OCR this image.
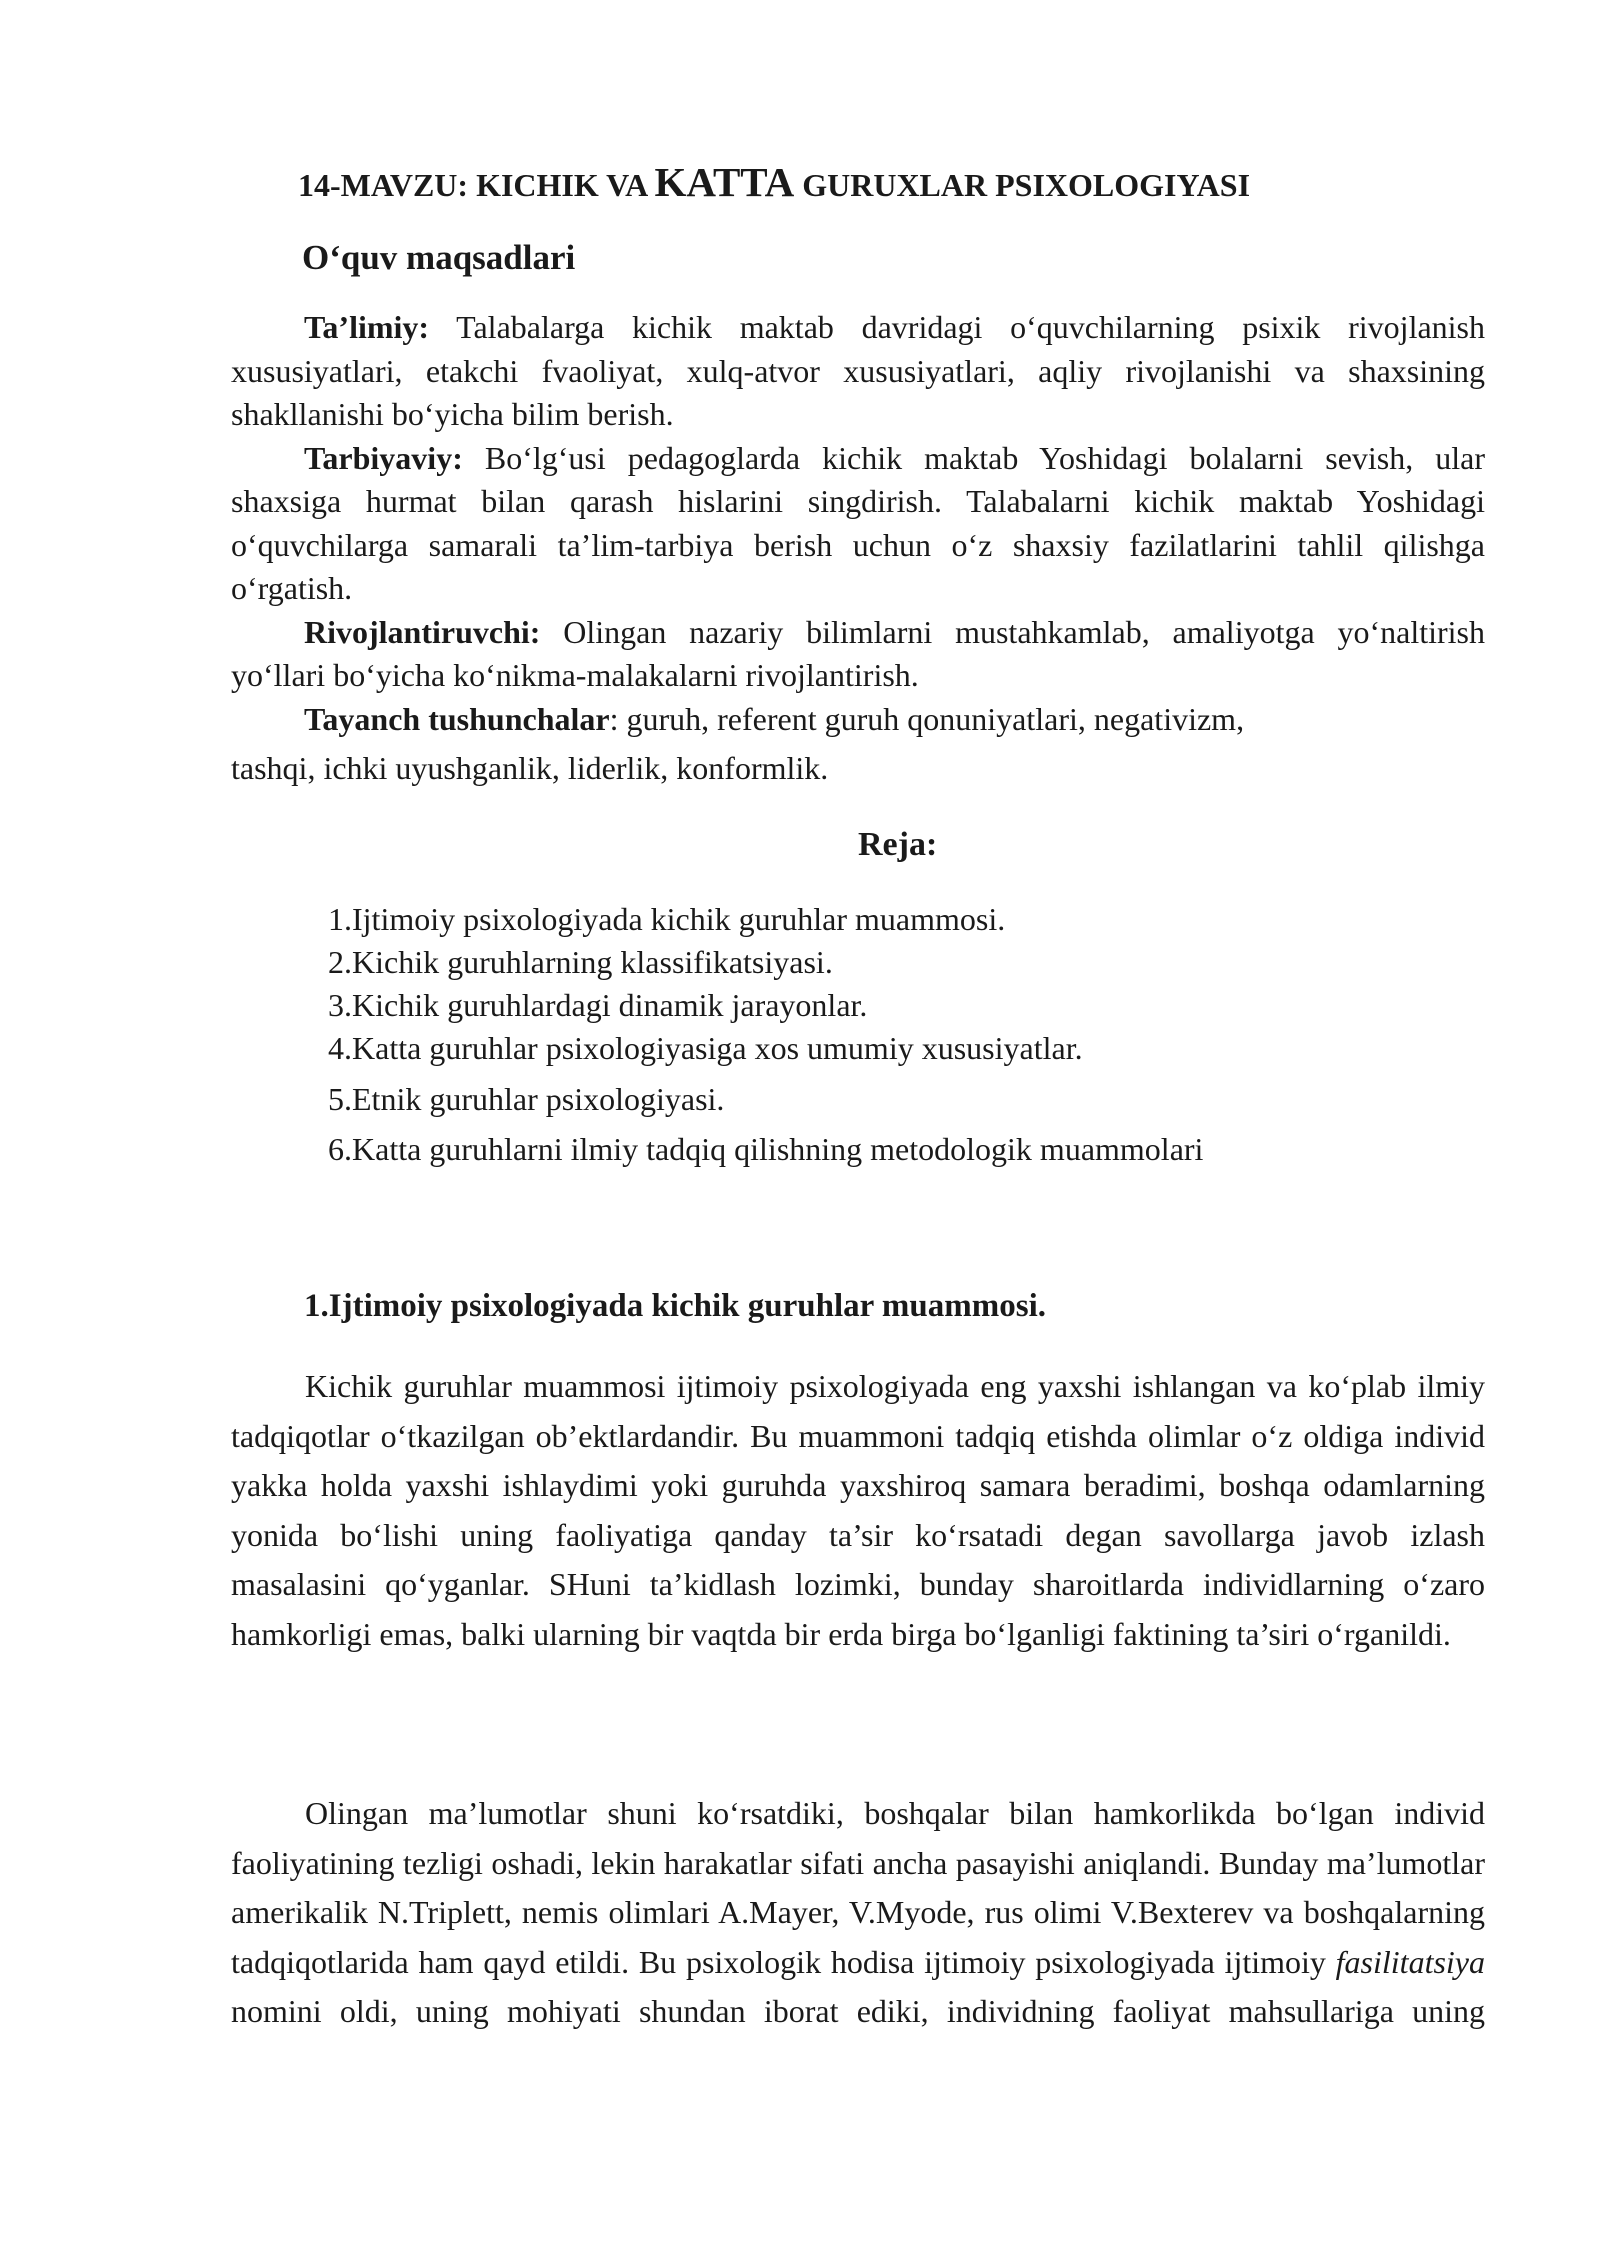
14-MAVZU: KICHIK VA KATTA GURUXLAR PSIXOLOGIYASI
O‘quv maqsadlari

Ta’limiy: Talabalarga kichik maktab davridagi o‘quvchilarning psixik rivojlanish xususiyatlari, etakchi fvaoliyat, xulq-atvor xususiyatlari, aqliy rivojlanishi va shaxsining shakllanishi bo‘yicha bilim berish.

Tarbiyaviy: Bo‘lg‘usi pedagoglarda kichik maktab Yoshidagi bolalarni sevish, ular shaxsiga hurmat bilan qarash hislarini singdirish. Talabalarni kichik maktab Yoshidagi o‘quvchilarga samarali ta’lim-tarbiya berish uchun o‘z shaxsiy fazilatlarini tahlil qilishga o‘rgatish.

Rivojlantiruvchi: Olingan nazariy bilimlarni mustahkamlab, amaliyotga yo‘naltirish yo‘llari bo‘yicha ko‘nikma-malakalarni rivojlantirish.

Tayanch tushunchalar: guruh, referent guruh qonuniyatlari, negativizm,

tashqi, ichki uyushganlik, liderlik, konformlik.

Reja:
1.Ijtimoiy psixologiyada kichik guruhlar muammosi.
2.Kichik guruhlarning klassifikatsiyasi.
3.Kichik guruhlardagi dinamik jarayonlar.
4.Katta guruhlar psixologiyasiga xos umumiy xususiyatlar.
5.Etnik guruhlar psixologiyasi.
6.Katta guruhlarni ilmiy tadqiq qilishning metodologik muammolari
1.Ijtimoiy psixologiyada kichik guruhlar muammosi.

Kichik guruhlar muammosi ijtimoiy psixologiyada eng yaxshi ishlangan va ko‘plab ilmiy tadqiqotlar o‘tkazilgan ob’ektlardandir. Bu muammoni tadqiq etishda olimlar o‘z oldiga individ yakka holda yaxshi ishlaydimi yoki guruhda yaxshiroq samara beradimi, boshqa odamlarning yonida bo‘lishi uning faoliyatiga qanday ta’sir ko‘rsatadi degan savollarga javob izlash masalasini qo‘yganlar. SHuni ta’kidlash lozimki, bunday sharoitlarda individlarning o‘zaro hamkorligi emas, balki ularning bir vaqtda bir erda birga bo‘lganligi faktining ta’siri o‘rganildi.

Olingan ma’lumotlar shuni ko‘rsatdiki, boshqalar bilan hamkorlikda bo‘lgan individ faoliyatining tezligi oshadi, lekin harakatlar sifati ancha pasayishi aniqlandi. Bunday ma’lumotlar amerikalik N.Triplett, nemis olimlari A.Mayer, V.Myode, rus olimi V.Bexterev va boshqalarning tadqiqotlarida ham qayd etildi. Bu psixologik hodisa ijtimoiy psixologiyada ijtimoiy fasilitatsiya nomini oldi, uning mohiyati shundan iborat ediki, individning faoliyat mahsullariga uning
